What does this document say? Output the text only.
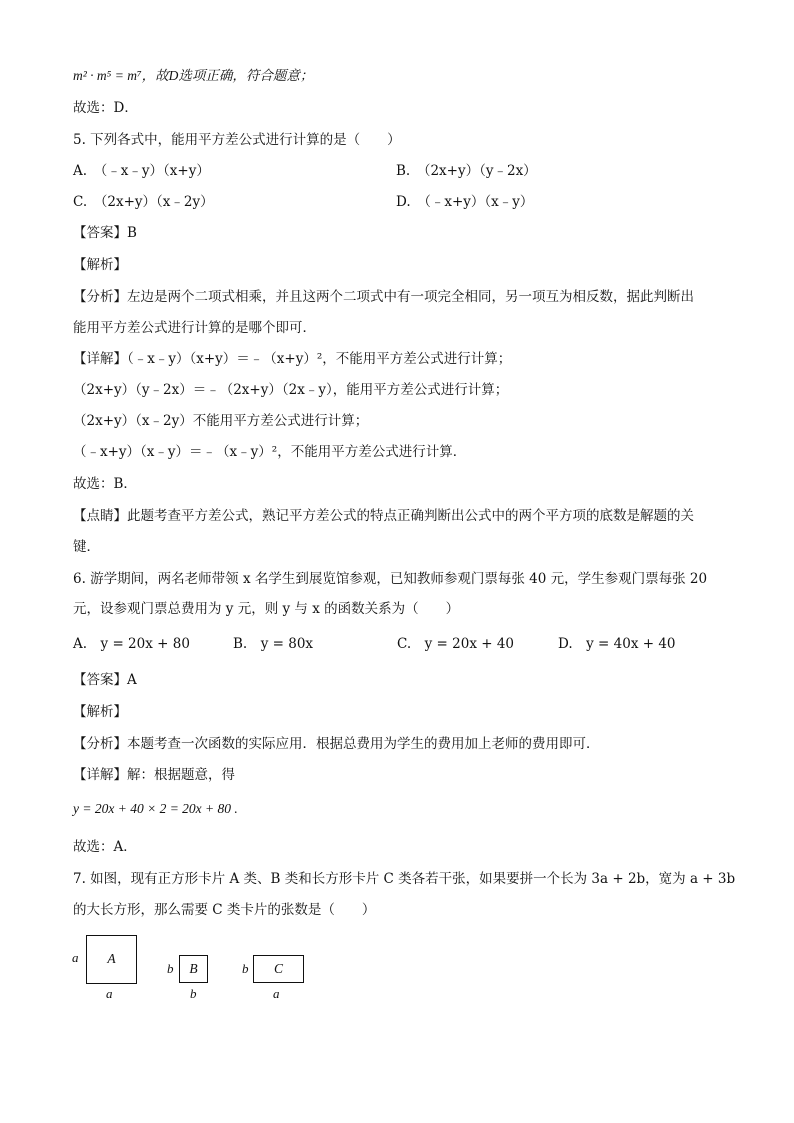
m² · m⁵ = m⁷，故D选项正确，符合题意；
故选：D．
5. 下列各式中，能用平方差公式进行计算的是（　　）
A.　（﹣x﹣y）（x+y）	B.　（2x+y）（y﹣2x）
C.　（2x+y）（x﹣2y）	D.　（﹣x+y）（x﹣y）
【答案】B
【解析】
【分析】左边是两个二项式相乘，并且这两个二项式中有一项完全相同，另一项互为相反数，据此判断出
能用平方差公式进行计算的是哪个即可．
【详解】（﹣x﹣y）（x+y）＝﹣（x+y）²，不能用平方差公式进行计算；
（2x+y）（y﹣2x）＝﹣（2x+y）（2x﹣y），能用平方差公式进行计算；
（2x+y）（x﹣2y）不能用平方差公式进行计算；
（﹣x+y）（x﹣y）＝﹣（x﹣y）²，不能用平方差公式进行计算．
故选：B．
【点睛】此题考查平方差公式，熟记平方差公式的特点正确判断出公式中的两个平方项的底数是解题的关
键．
6. 游学期间，两名老师带领 x 名学生到展览馆参观，已知教师参观门票每张 40 元，学生参观门票每张 20
元，设参观门票总费用为 y 元，则 y 与 x 的函数关系为（　　）
A.　y = 20x + 80	B.　y = 80x	C.　y = 20x + 40	D.　y = 40x + 40
【答案】A
【解析】
【分析】本题考查一次函数的实际应用．根据总费用为学生的费用加上老师的费用即可．
【详解】解：根据题意，得
y = 20x + 40 × 2 = 20x + 80 .
故选：A．
7. 如图，现有正方形卡片 A 类、B 类和长方形卡片 C 类各若干张，如果要拼一个长为 3a + 2b，宽为 a + 3b
的大长方形，那么需要 C 类卡片的张数是（　　）
a	A
a
b	B
b
b	C
a
